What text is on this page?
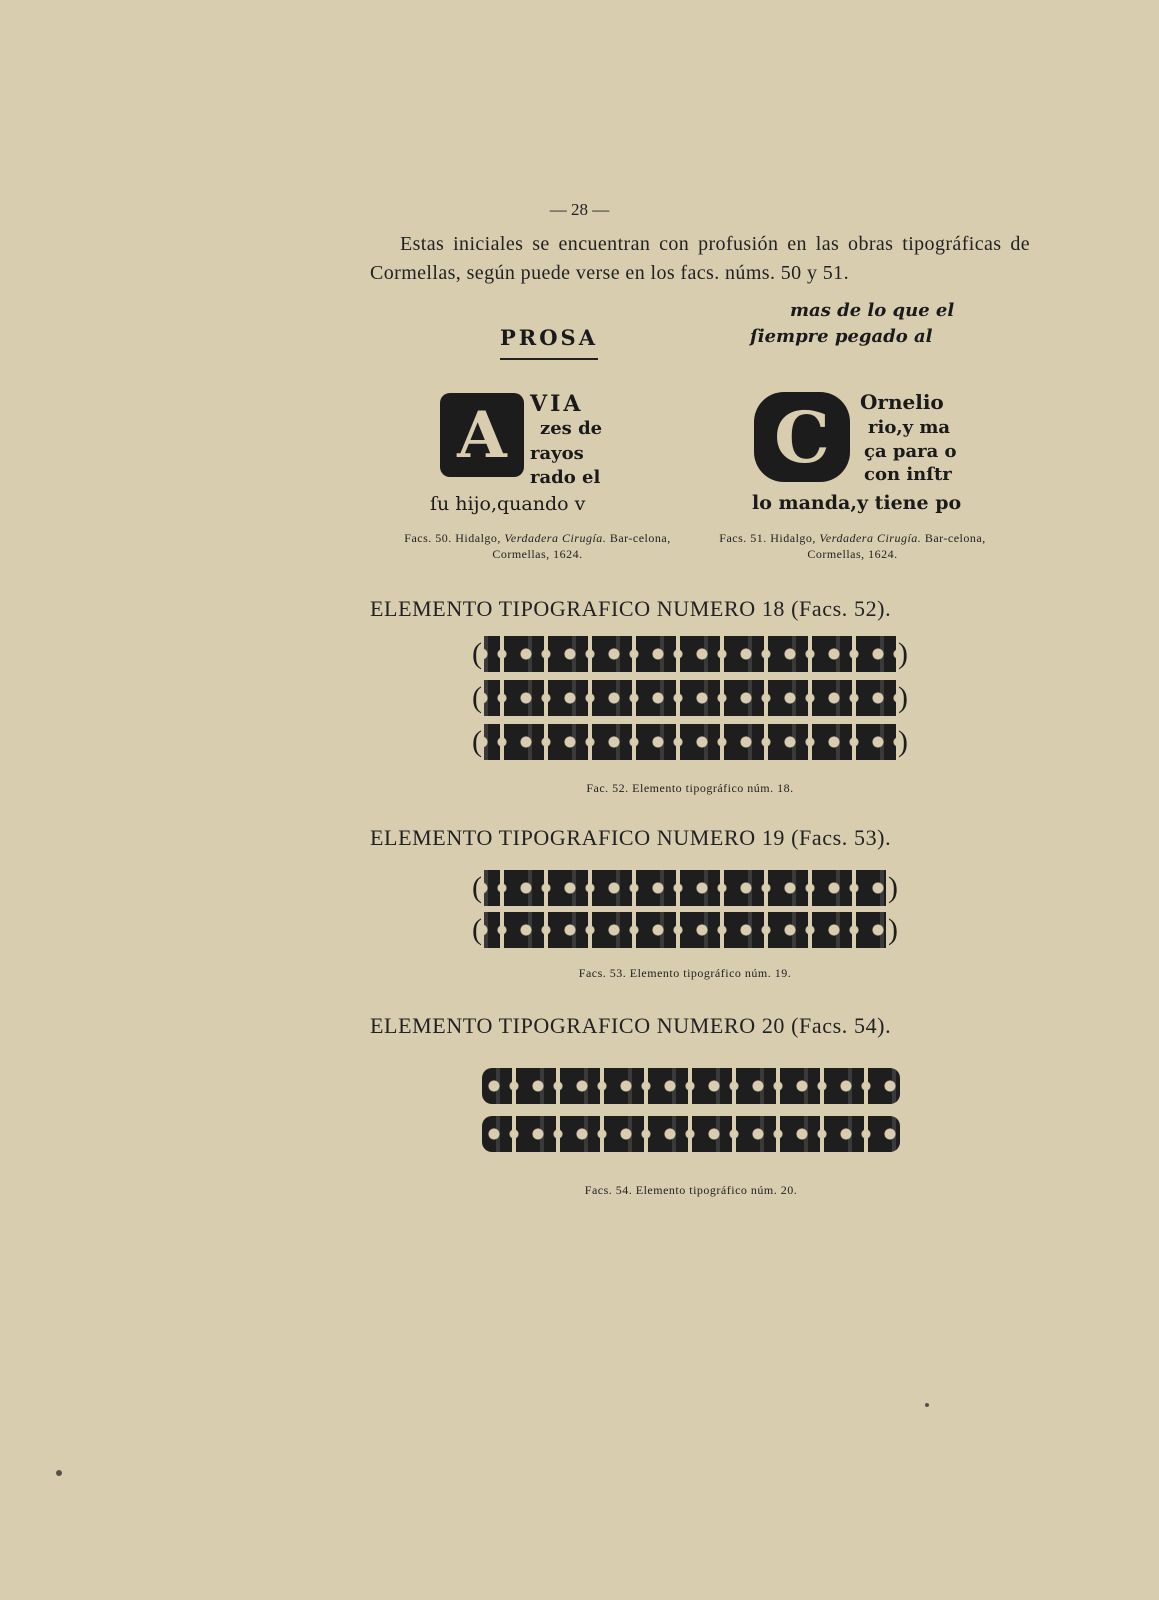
— 28 —

Estas iniciales se encuentran con profusión en las obras tipográficas de Cormellas, según puede verse en los facs. núms. 50 y 51.

PROSA
A	VIA
zes de
rayos
rado el
ſu hijo,quando v
Facs. 50. Hidalgo, Verdadera Cirugía. Bar-celona, Cormellas, 1624.
mas de lo que el
ſiempre pegado al
C	Ornelio
rio,y ma
ça para o
con inſtr
lo manda,y tiene po
Facs. 51. Hidalgo, Verdadera Cirugía. Bar-celona, Cormellas, 1624.
ELEMENTO TIPOGRAFICO NUMERO 18 (Facs. 52).
(	)
(	)
(	)
Fac. 52. Elemento tipográfico núm. 18.
ELEMENTO TIPOGRAFICO NUMERO 19 (Facs. 53).
(	)
(	)
Facs. 53. Elemento tipográfico núm. 19.
ELEMENTO TIPOGRAFICO NUMERO 20 (Facs. 54).
Facs. 54. Elemento tipográfico núm. 20.
